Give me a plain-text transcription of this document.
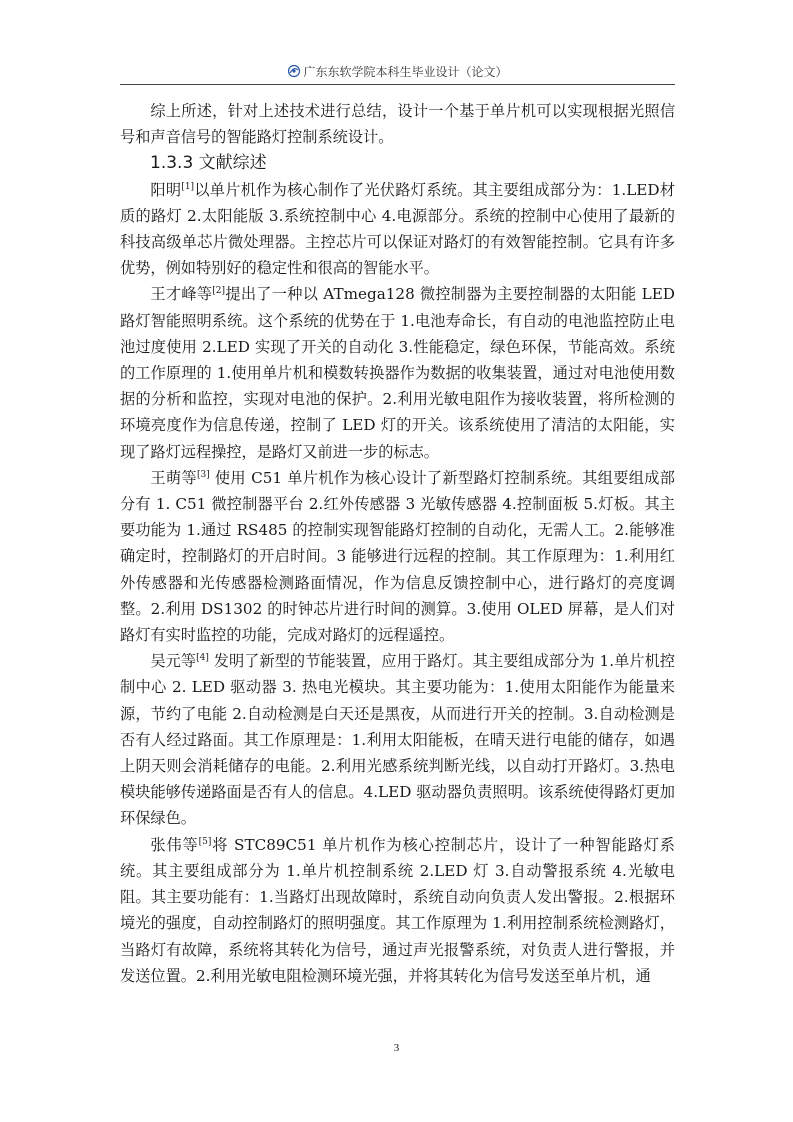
广东东软学院本科生毕业设计（论文）

综上所述，针对上述技术进行总结，设计一个基于单片机可以实现根据光照信号和声音信号的智能路灯控制系统设计。

1.3.3 文献综述

阳明[1]以单片机作为核心制作了光伏路灯系统。其主要组成部分为：1.LED材质的路灯 2.太阳能版 3.系统控制中心 4.电源部分。系统的控制中心使用了最新的科技高级单芯片微处理器。主控芯片可以保证对路灯的有效智能控制。它具有许多优势，例如特别好的稳定性和很高的智能水平。

王才峰等[2]提出了一种以 ATmega128 微控制器为主要控制器的太阳能 LED 路灯智能照明系统。这个系统的优势在于 1.电池寿命长，有自动的电池监控防止电池过度使用 2.LED 实现了开关的自动化 3.性能稳定，绿色环保，节能高效。系统的工作原理的 1.使用单片机和模数转换器作为数据的收集装置，通过对电池使用数据的分析和监控，实现对电池的保护。2.利用光敏电阻作为接收装置，将所检测的环境亮度作为信息传递，控制了 LED 灯的开关。该系统使用了清洁的太阳能，实现了路灯远程操控，是路灯又前进一步的标志。

王萌等[3] 使用 C51 单片机作为核心设计了新型路灯控制系统。其组要组成部分有 1. C51 微控制器平台 2.红外传感器 3 光敏传感器 4.控制面板 5.灯板。其主要功能为 1.通过 RS485 的控制实现智能路灯控制的自动化，无需人工。2.能够准确定时，控制路灯的开启时间。3 能够进行远程的控制。其工作原理为：1.利用红外传感器和光传感器检测路面情况，作为信息反馈控制中心，进行路灯的亮度调整。2.利用 DS1302 的时钟芯片进行时间的测算。3.使用 OLED 屏幕，是人们对路灯有实时监控的功能，完成对路灯的远程遥控。

吴元等[4] 发明了新型的节能装置，应用于路灯。其主要组成部分为 1.单片机控制中心 2. LED 驱动器 3. 热电光模块。其主要功能为：1.使用太阳能作为能量来源，节约了电能 2.自动检测是白天还是黑夜，从而进行开关的控制。3.自动检测是否有人经过路面。其工作原理是：1.利用太阳能板，在晴天进行电能的储存，如遇上阴天则会消耗储存的电能。2.利用光感系统判断光线，以自动打开路灯。3.热电模块能够传递路面是否有人的信息。4.LED 驱动器负责照明。该系统使得路灯更加环保绿色。

张伟等[5]将 STC89C51 单片机作为核心控制芯片，设计了一种智能路灯系统。其主要组成部分为 1.单片机控制系统 2.LED 灯 3.自动警报系统 4.光敏电阻。其主要功能有：1.当路灯出现故障时，系统自动向负责人发出警报。2.根据环境光的强度，自动控制路灯的照明强度。其工作原理为 1.利用控制系统检测路灯，当路灯有故障，系统将其转化为信号，通过声光报警系统，对负责人进行警报，并发送位置。2.利用光敏电阻检测环境光强，并将其转化为信号发送至单片机，通

3
